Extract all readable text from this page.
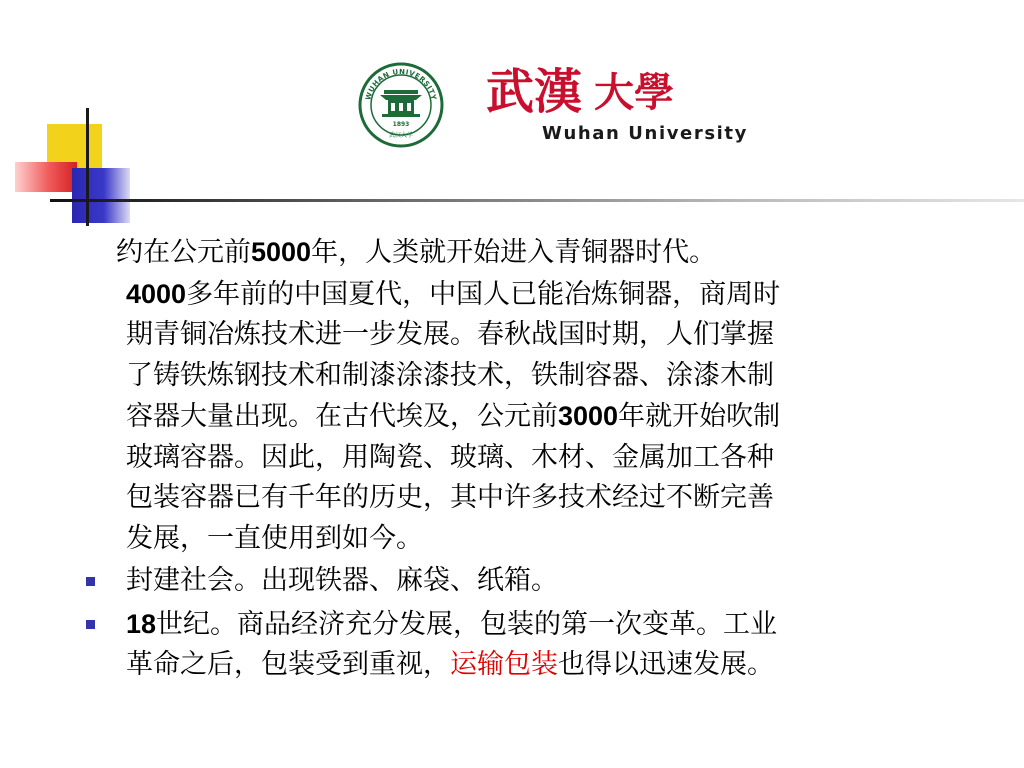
WUHAN UNIVERSITY
1893
武汉大学
武漢 大學
Wuhan University

约在公元前5000年，人类就开始进入青铜器时代。
4000多年前的中国夏代，中国人已能冶炼铜器，商周时
期青铜冶炼技术进一步发展。春秋战国时期，人们掌握
了铸铁炼钢技术和制漆涂漆技术，铁制容器、涂漆木制
容器大量出现。在古代埃及，公元前3000年就开始吹制
玻璃容器。因此，用陶瓷、玻璃、木材、金属加工各种
包装容器已有千年的历史，其中许多技术经过不断完善
发展，一直使用到如今。

封建社会。出现铁器、麻袋、纸箱。
18世纪。商品经济充分发展，包装的第一次变革。工业
革命之后，包装受到重视，运输包装也得以迅速发展。
